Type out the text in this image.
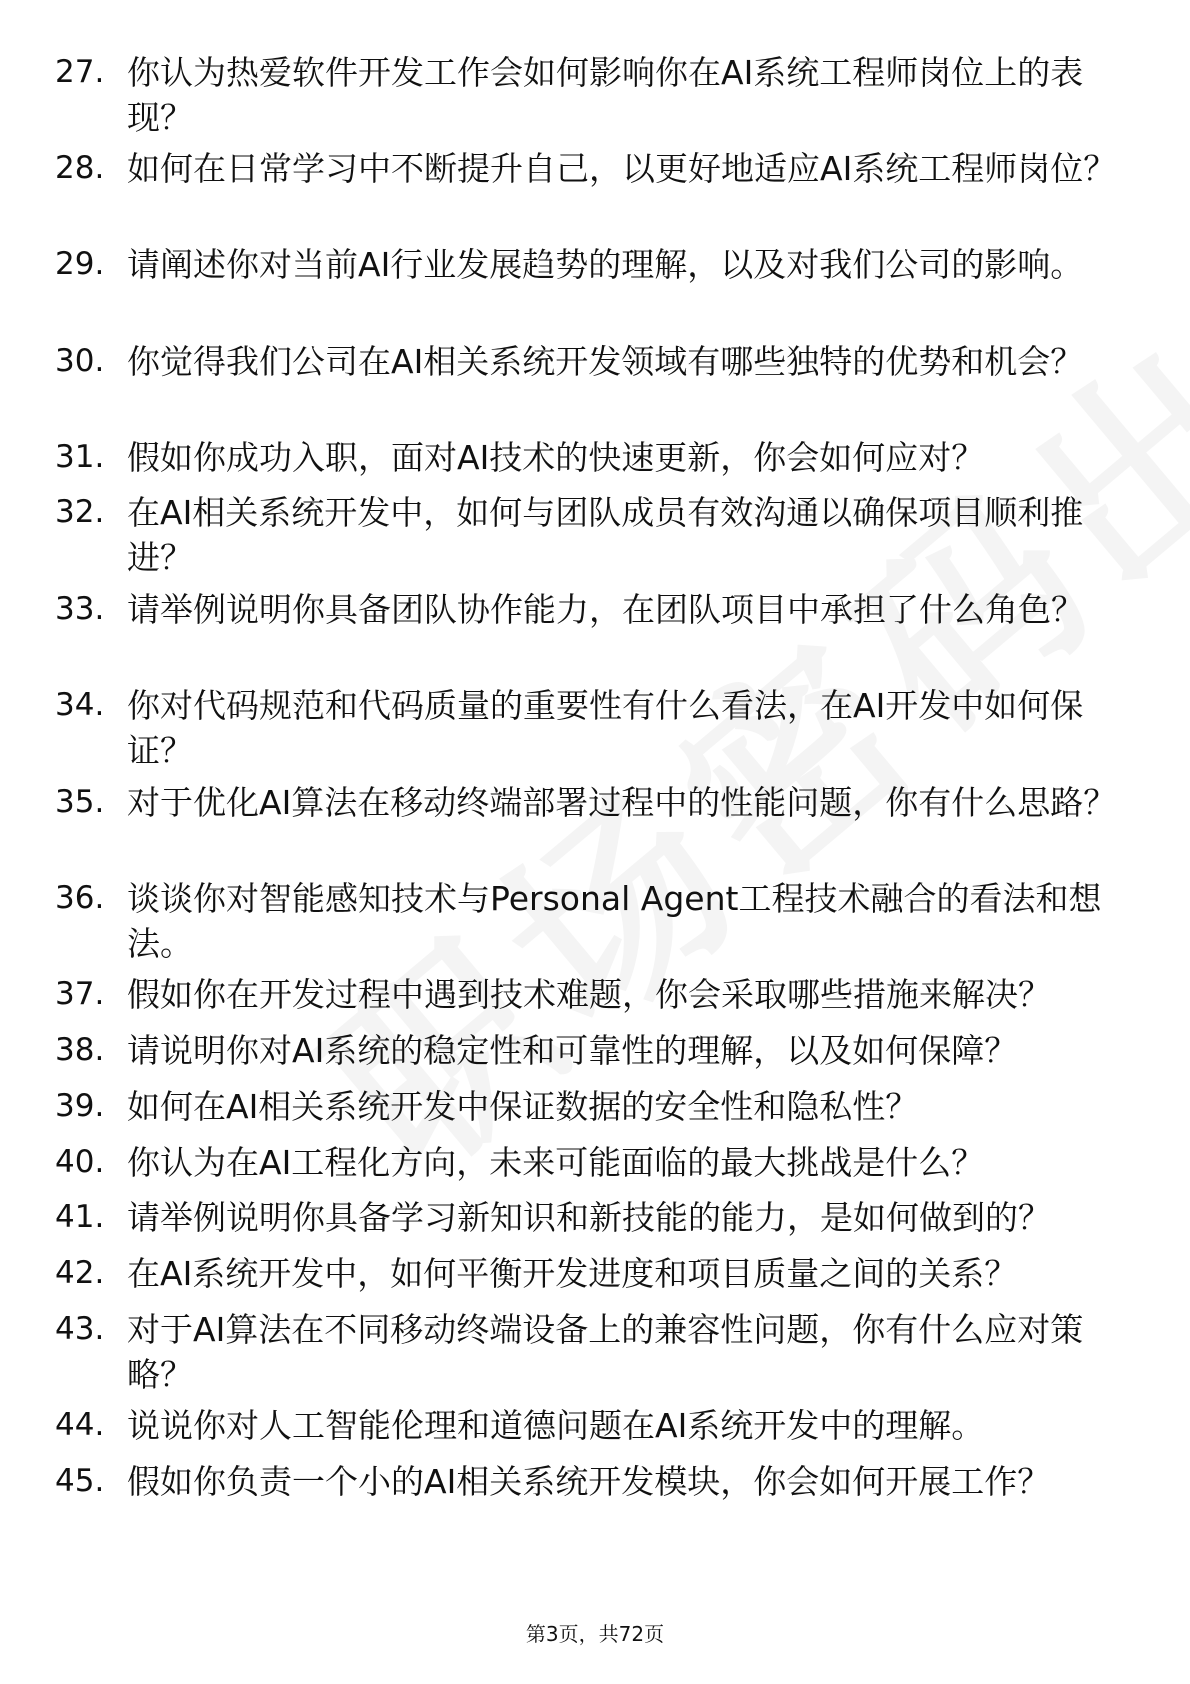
27. 你认为热爱软件开发工作会如何影响你在AI系统工程师岗位上的表现？
28. 如何在日常学习中不断提升自己，以更好地适应AI系统工程师岗位？
29. 请阐述你对当前AI行业发展趋势的理解，以及对我们公司的影响。
30. 你觉得我们公司在AI相关系统开发领域有哪些独特的优势和机会？
31. 假如你成功入职，面对AI技术的快速更新，你会如何应对？
32. 在AI相关系统开发中，如何与团队成员有效沟通以确保项目顺利推进？
33. 请举例说明你具备团队协作能力，在团队项目中承担了什么角色？
34. 你对代码规范和代码质量的重要性有什么看法，在AI开发中如何保证？
35. 对于优化AI算法在移动终端部署过程中的性能问题，你有什么思路？
36. 谈谈你对智能感知技术与Personal Agent工程技术融合的看法和想法。
37. 假如你在开发过程中遇到技术难题，你会采取哪些措施来解决？
38. 请说明你对AI系统的稳定性和可靠性的理解，以及如何保障？
39. 如何在AI相关系统开发中保证数据的安全性和隐私性？
40. 你认为在AI工程化方向，未来可能面临的最大挑战是什么？
41. 请举例说明你具备学习新知识和新技能的能力，是如何做到的？
42. 在AI系统开发中，如何平衡开发进度和项目质量之间的关系？
43. 对于AI算法在不同移动终端设备上的兼容性问题，你有什么应对策略？
44. 说说你对人工智能伦理和道德问题在AI系统开发中的理解。
45. 假如你负责一个小的AI相关系统开发模块，你会如何开展工作？
第3页，共72页
